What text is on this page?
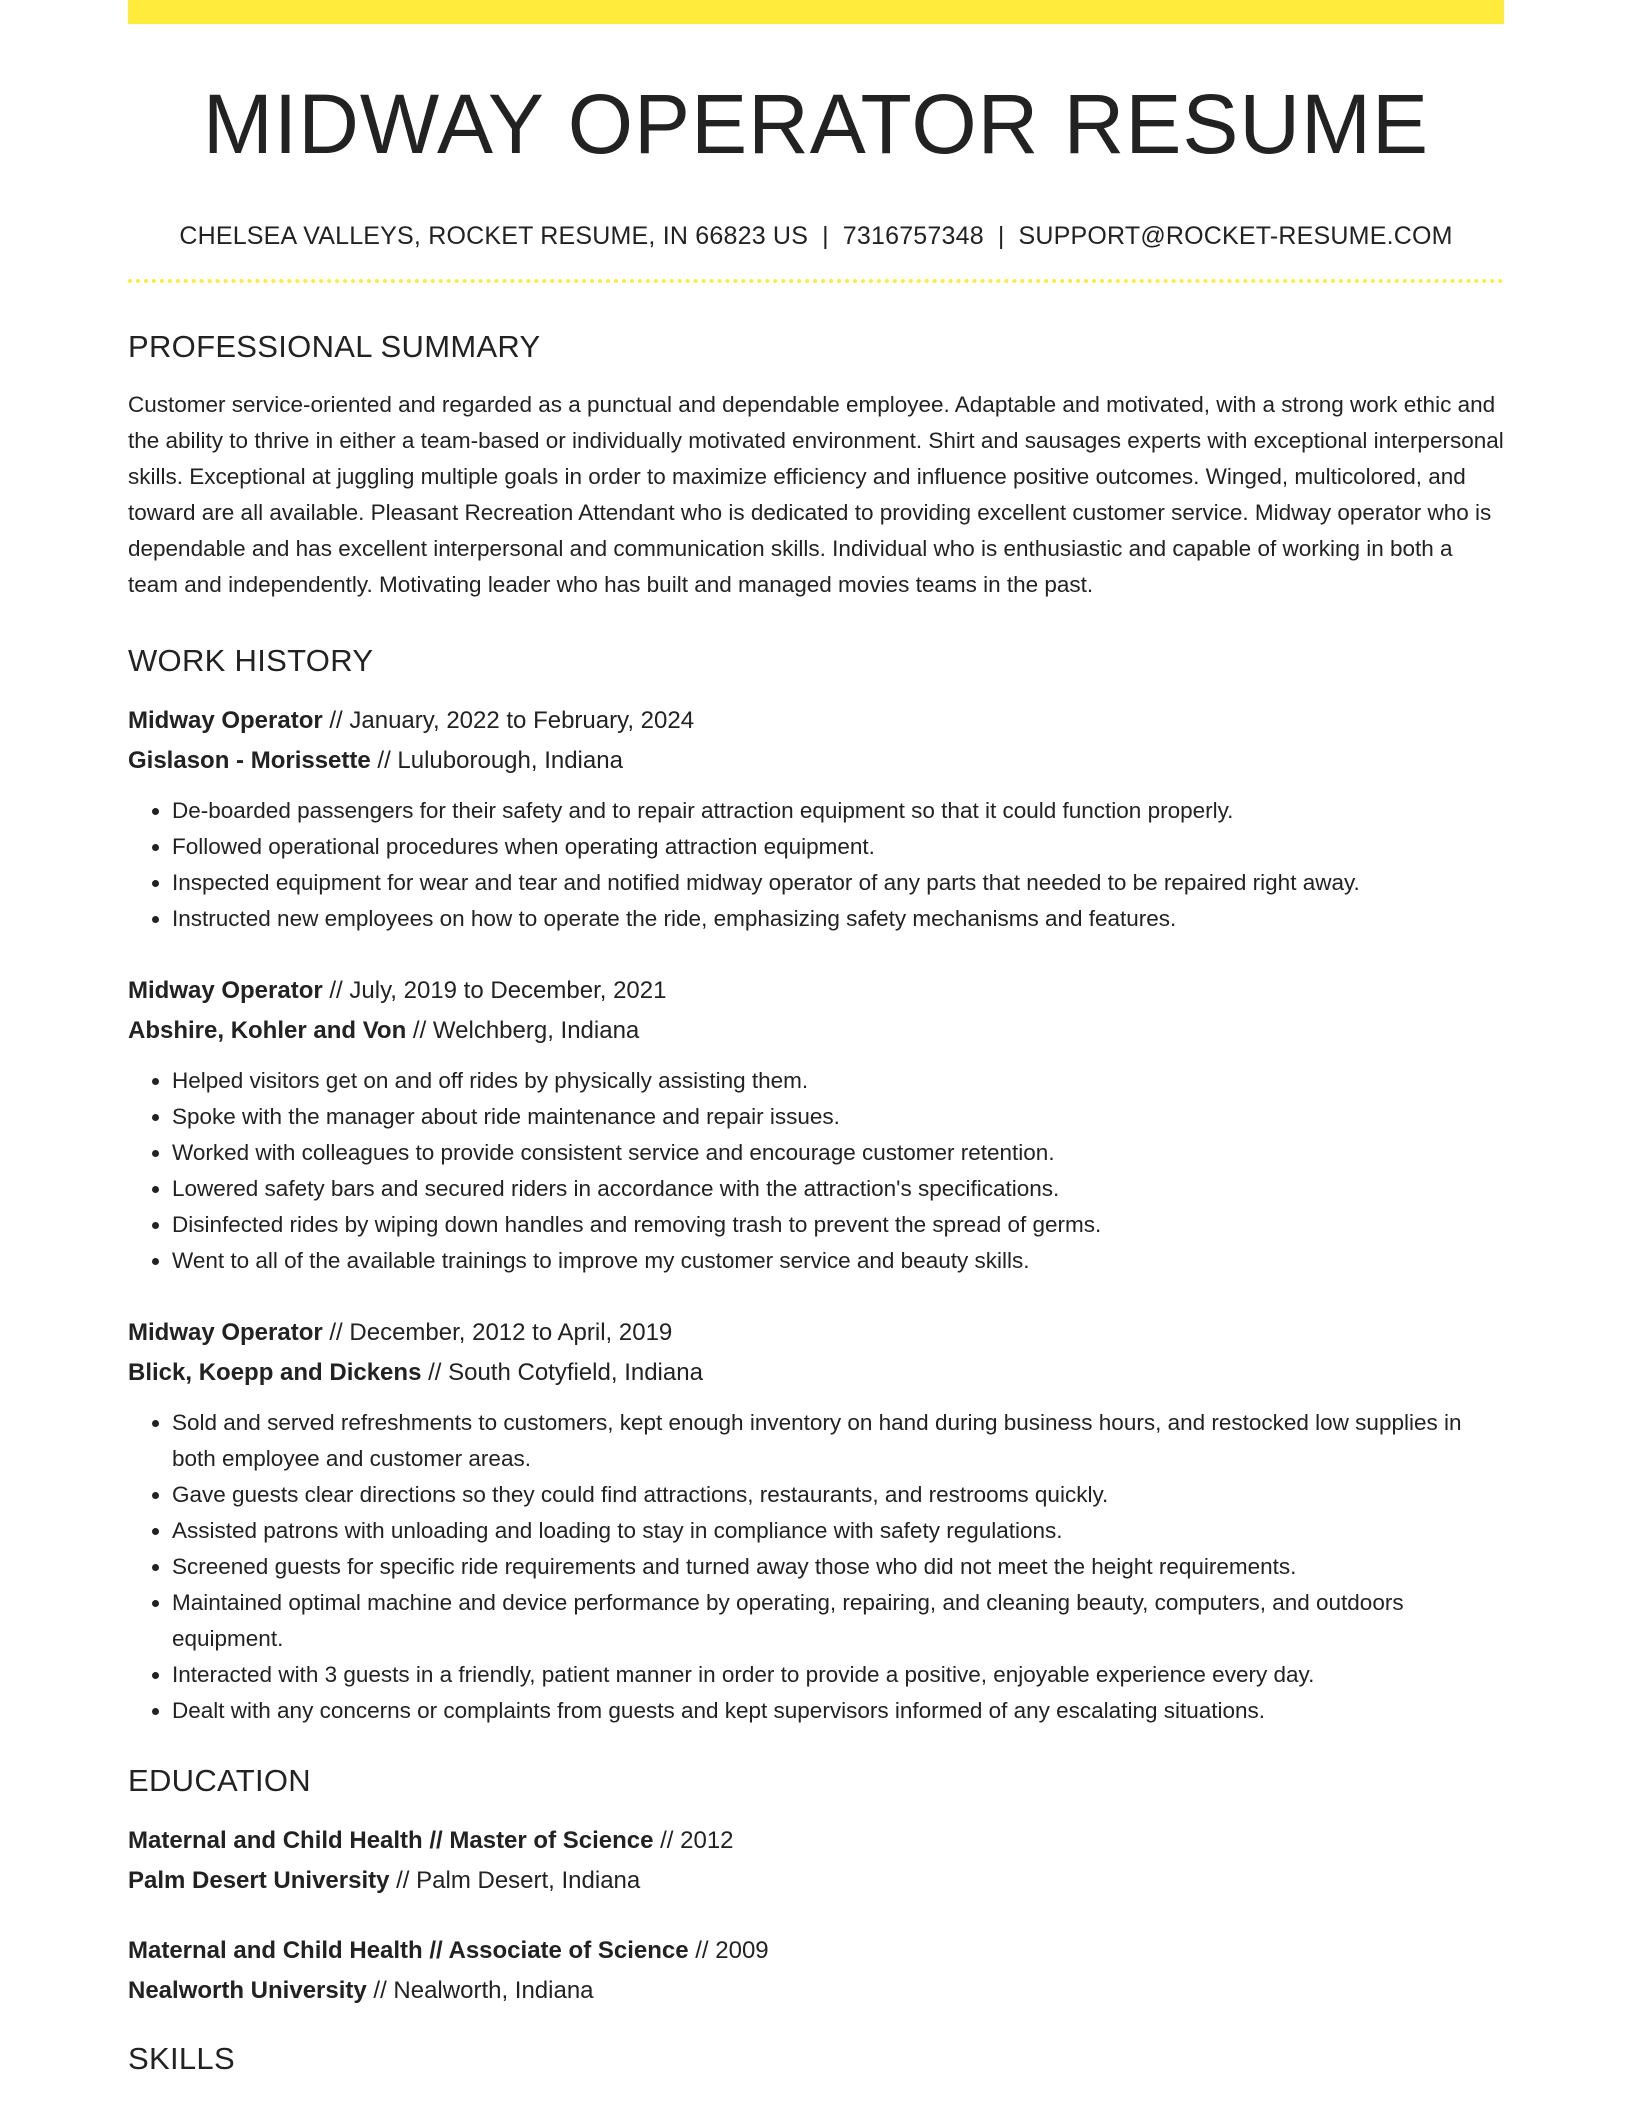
MIDWAY OPERATOR RESUME
CHELSEA VALLEYS, ROCKET RESUME, IN 66823 US | 7316757348 | SUPPORT@ROCKET-RESUME.COM
PROFESSIONAL SUMMARY

Customer service-oriented and regarded as a punctual and dependable employee. Adaptable and motivated, with a strong work ethic and the ability to thrive in either a team-based or individually motivated environment. Shirt and sausages experts with exceptional interpersonal skills. Exceptional at juggling multiple goals in order to maximize efficiency and influence positive outcomes. Winged, multicolored, and toward are all available. Pleasant Recreation Attendant who is dedicated to providing excellent customer service. Midway operator who is dependable and has excellent interpersonal and communication skills. Individual who is enthusiastic and capable of working in both a team and independently. Motivating leader who has built and managed movies teams in the past.

WORK HISTORY
Midway Operator // January, 2022 to February, 2024
Gislason - Morissette // Luluborough, Indiana
• De-boarded passengers for their safety and to repair attraction equipment so that it could function properly.
• Followed operational procedures when operating attraction equipment.
• Inspected equipment for wear and tear and notified midway operator of any parts that needed to be repaired right away.
• Instructed new employees on how to operate the ride, emphasizing safety mechanisms and features.
Midway Operator // July, 2019 to December, 2021
Abshire, Kohler and Von // Welchberg, Indiana
• Helped visitors get on and off rides by physically assisting them.
• Spoke with the manager about ride maintenance and repair issues.
• Worked with colleagues to provide consistent service and encourage customer retention.
• Lowered safety bars and secured riders in accordance with the attraction's specifications.
• Disinfected rides by wiping down handles and removing trash to prevent the spread of germs.
• Went to all of the available trainings to improve my customer service and beauty skills.
Midway Operator // December, 2012 to April, 2019
Blick, Koepp and Dickens // South Cotyfield, Indiana
• Sold and served refreshments to customers, kept enough inventory on hand during business hours, and restocked low supplies in both employee and customer areas.
• Gave guests clear directions so they could find attractions, restaurants, and restrooms quickly.
• Assisted patrons with unloading and loading to stay in compliance with safety regulations.
• Screened guests for specific ride requirements and turned away those who did not meet the height requirements.
• Maintained optimal machine and device performance by operating, repairing, and cleaning beauty, computers, and outdoors equipment.
• Interacted with 3 guests in a friendly, patient manner in order to provide a positive, enjoyable experience every day.
• Dealt with any concerns or complaints from guests and kept supervisors informed of any escalating situations.
EDUCATION
Maternal and Child Health // Master of Science // 2012
Palm Desert University // Palm Desert, Indiana
Maternal and Child Health // Associate of Science // 2009
Nealworth University // Nealworth, Indiana
SKILLS
